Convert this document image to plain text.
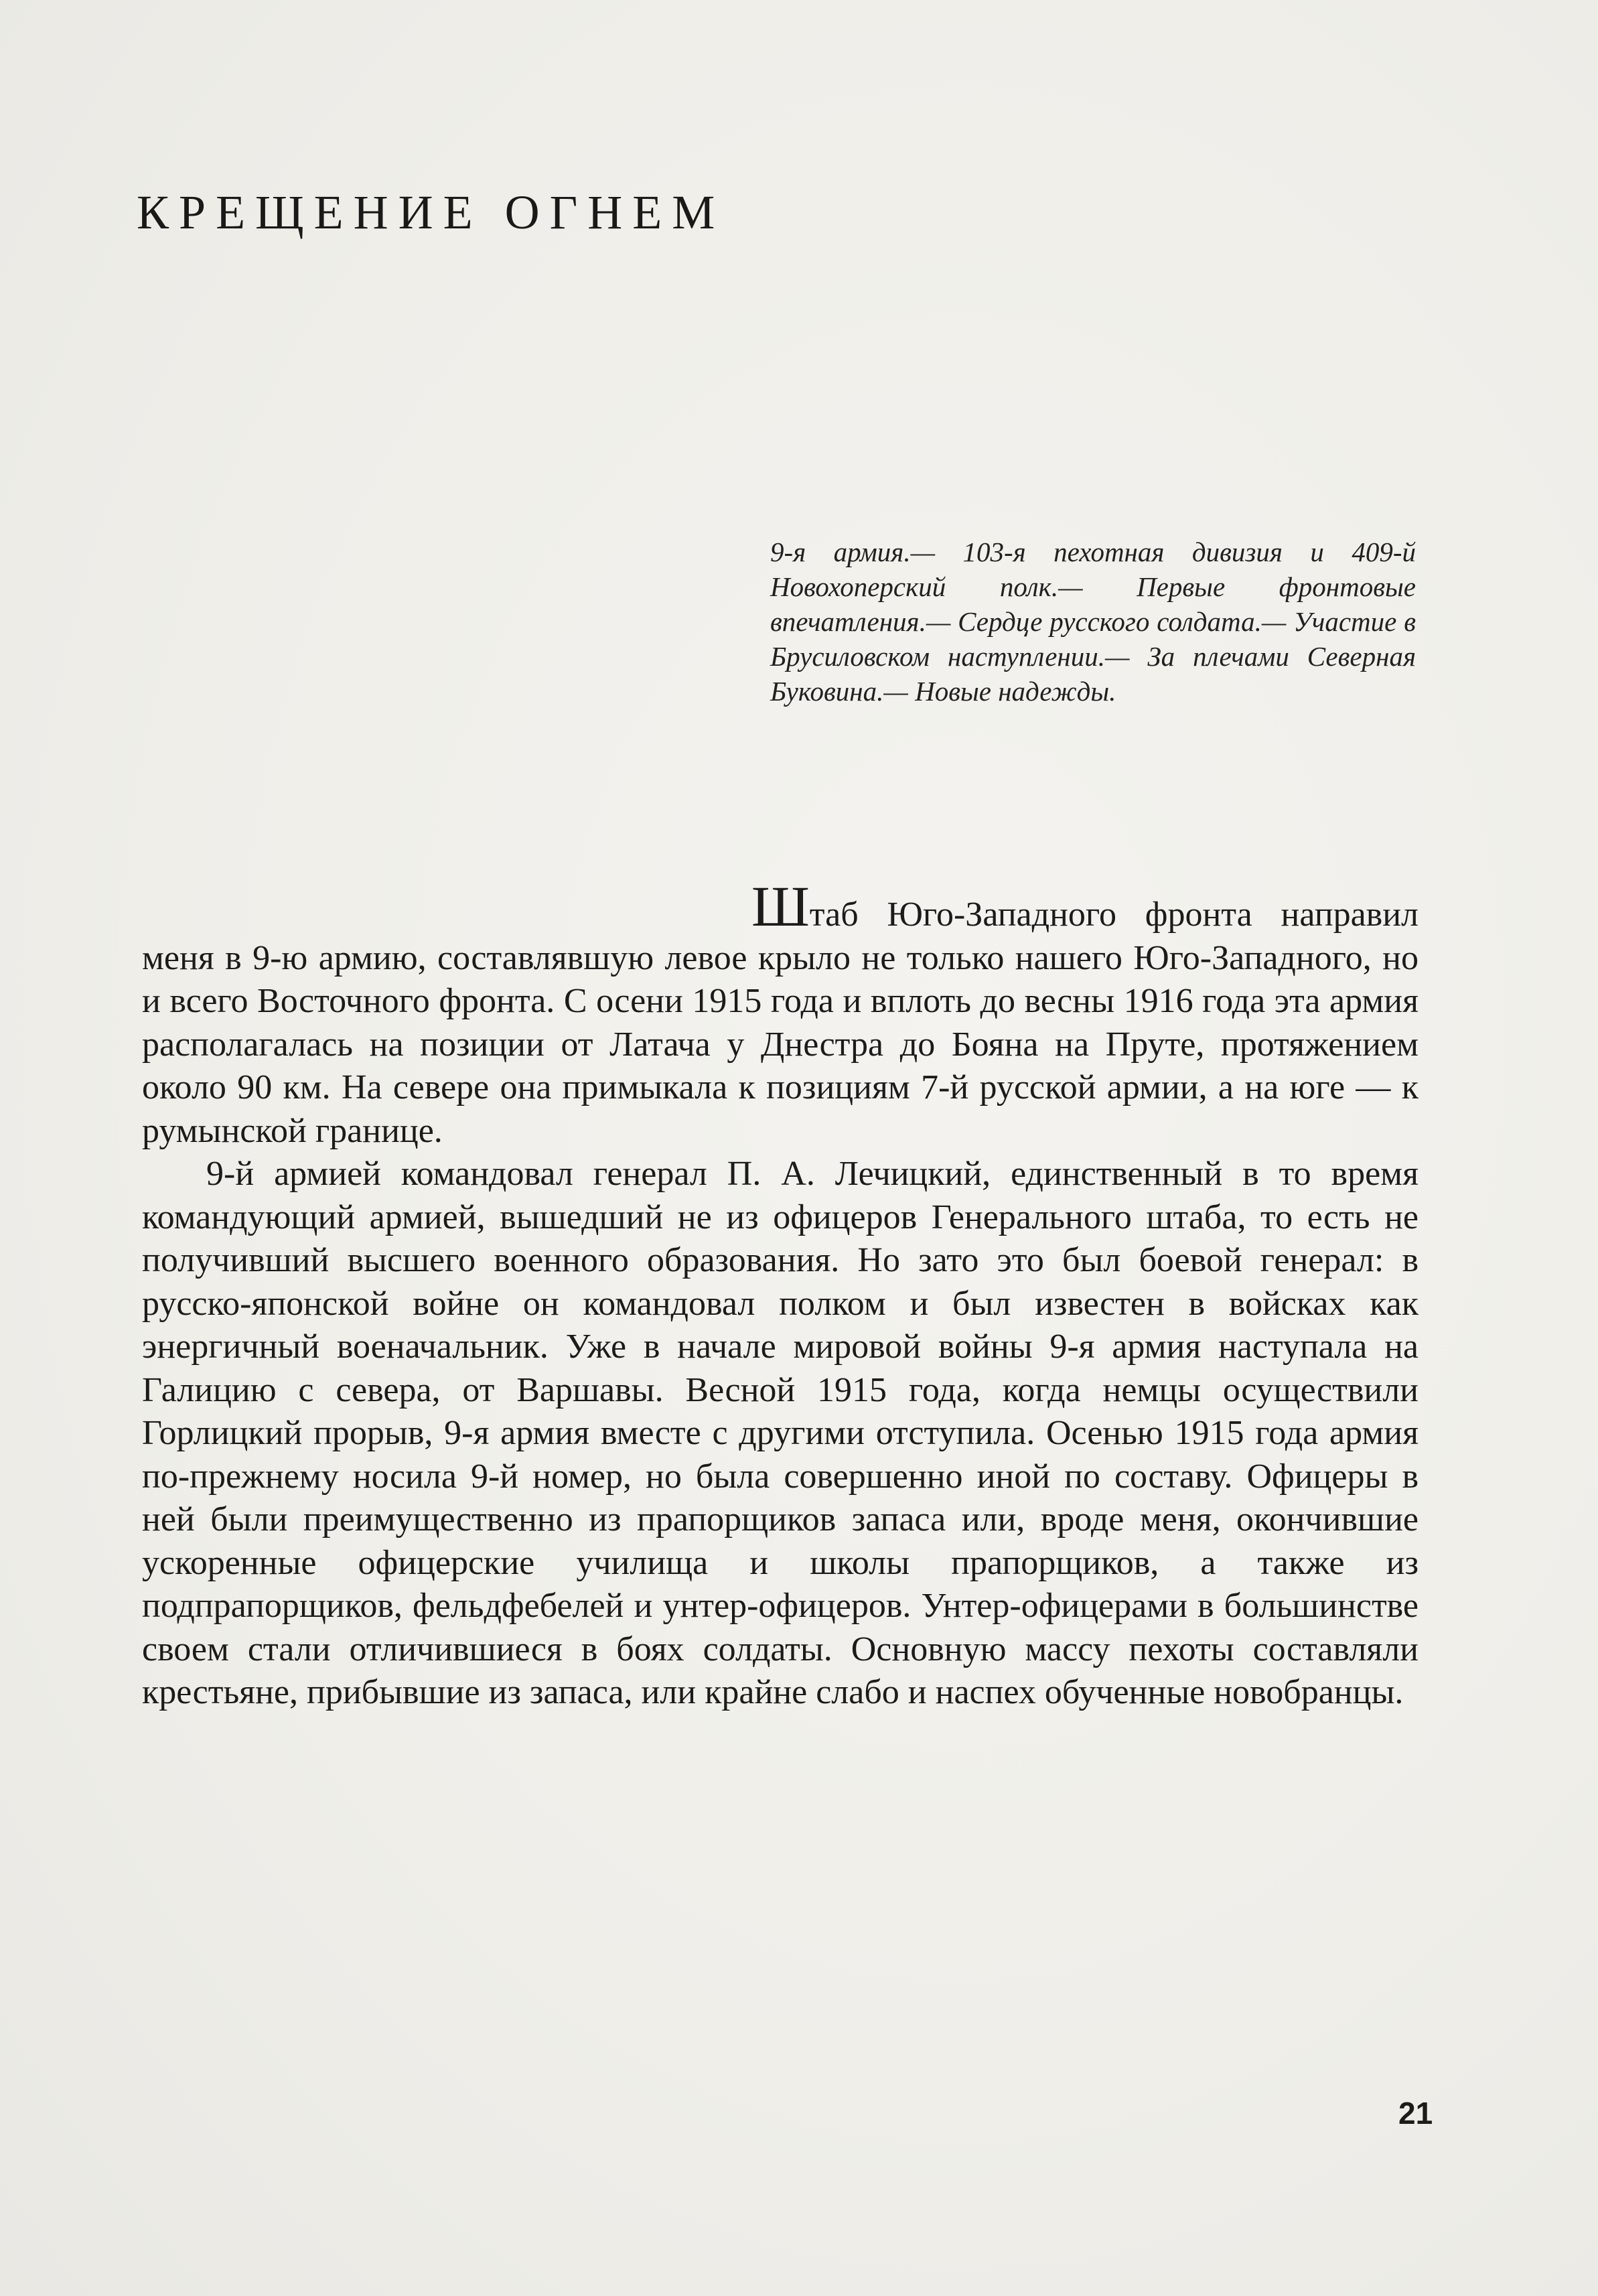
КРЕЩЕНИЕ ОГНЕМ
9-я армия.— 103-я пехотная дивизия и 409-й Новохоперский полк.— Первые фронтовые впечатления.— Сердце русского солдата.— Участие в Брусиловском наступлении.— За плечами Северная Буковина.— Новые надежды.

Штаб Юго-Западного фронта направил меня в 9-ю армию, составлявшую левое крыло не только нашего Юго-Западного, но и всего Восточного фронта. С осени 1915 года и вплоть до весны 1916 года эта армия располагалась на позиции от Латача у Днестра до Бояна на Пруте, протяжением около 90 км. На севере она примыкала к позициям 7-й русской армии, а на юге — к румынской границе.

9-й армией командовал генерал П. А. Лечицкий, единственный в то время командующий армией, вышедший не из офицеров Генерального штаба, то есть не получивший высшего военного образования. Но зато это был боевой генерал: в русско-японской войне он командовал полком и был известен в войсках как энергичный военачальник. Уже в начале мировой войны 9-я армия наступала на Галицию с севера, от Варшавы. Весной 1915 года, когда немцы осуществили Горлицкий прорыв, 9-я армия вместе с другими отступила. Осенью 1915 года армия по-прежнему носила 9-й номер, но была совершенно иной по составу. Офицеры в ней были преимущественно из прапорщиков запаса или, вроде меня, окончившие ускоренные офицерские училища и школы прапорщиков, а также из подпрапорщиков, фельдфебелей и унтер-офицеров. Унтер-офицерами в большинстве своем стали отличившиеся в боях солдаты. Основную массу пехоты составляли крестьяне, прибывшие из запаса, или крайне слабо и наспех обученные новобранцы.

21
